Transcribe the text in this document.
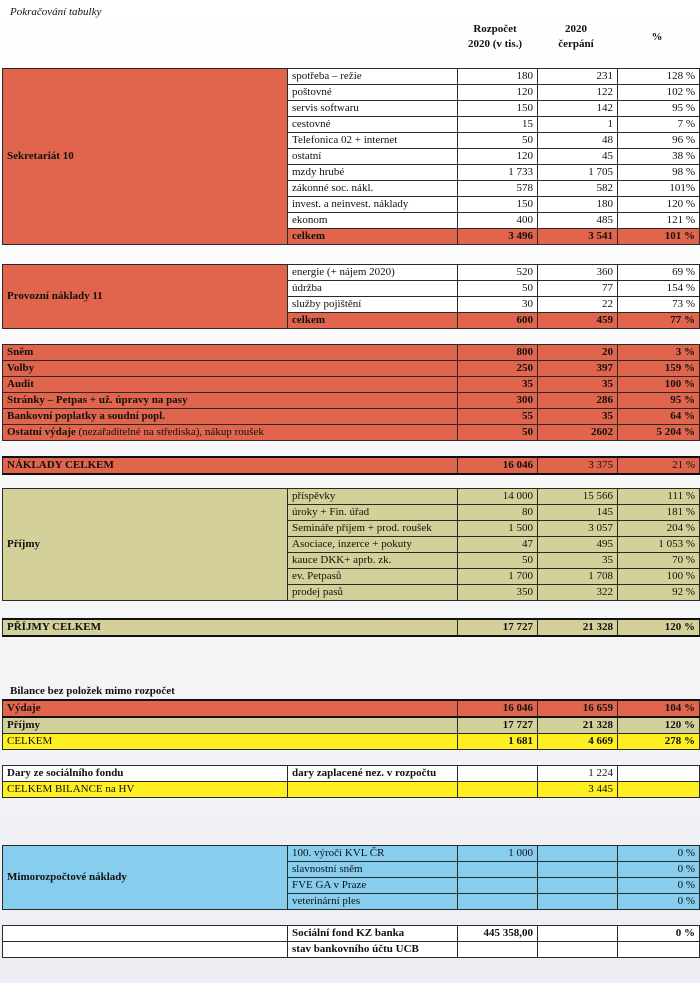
Pokračování tabulky
Rozpočet
2020 (v tis.)
2020
čerpání
%
Sekretariát 10	spotřeba – režie	180	231	128 %
	poštovné	120	122	102 %
	servis softwaru	150	142	95 %
	cestovné	15	1	7 %
	Telefonica 02 + internet	50	48	96 %
	ostatní	120	45	38 %
	mzdy hrubé	1 733	1 705	98 %
	zákonné soc. nákl.	578	582	101%
	invest. a neinvest. náklady	150	180	120 %
	ekonom	400	485	121 %
	celkem	3 496	3 541	101 %
Provozní náklady 11	energie (+ nájem 2020)	520	360	69 %
	údržba	50	77	154 %
	služby pojištění	30	22	73 %
	celkem	600	459	77 %
Sněm	800	20	3 %
Volby	250	397	159 %
Audit	35	35	100 %
Stránky – Petpas + už. úpravy na pasy	300	286	95 %
Bankovní poplatky a soudní popl.	55	35	64 %
Ostatní výdaje (nezařaditelné na střediska), nákup roušek	50	2602	5 204 %
NÁKLADY CELKEM	16 046	3 375	21 %
Příjmy	příspěvky	14 000	15 566	111 %
	úroky + Fin. úřad	80	145	181 %
	Semináře příjem + prod. roušek	1 500	3 057	204 %
	Asociace, inzerce + pokuty	47	495	1 053 %
	kauce DKK+ aprb. zk.	50	35	70 %
	ev. Petpasů	1 700	1 708	100 %
	prodej pasů	350	322	92 %
PŘÍJMY CELKEM	17 727	21 328	120 %
Bilance bez položek mimo rozpočet
Výdaje	16 046	16 659	104 %
Příjmy	17 727	21 328	120 %
CELKEM	1 681	4 669	278 %
Dary ze sociálního fondu	dary zaplacené nez. v rozpočtu		1 224	
CELKEM BILANCE na HV			3 445	
Mimorozpočtové náklady	100. výročí KVL ČR	1 000		0 %
	slavnostní sněm			0 %
	FVE GA v Praze			0 %
	veterinární ples			0 %
	Sociální fond KZ banka	445 358,00		0 %
	stav bankovního účtu UCB			
